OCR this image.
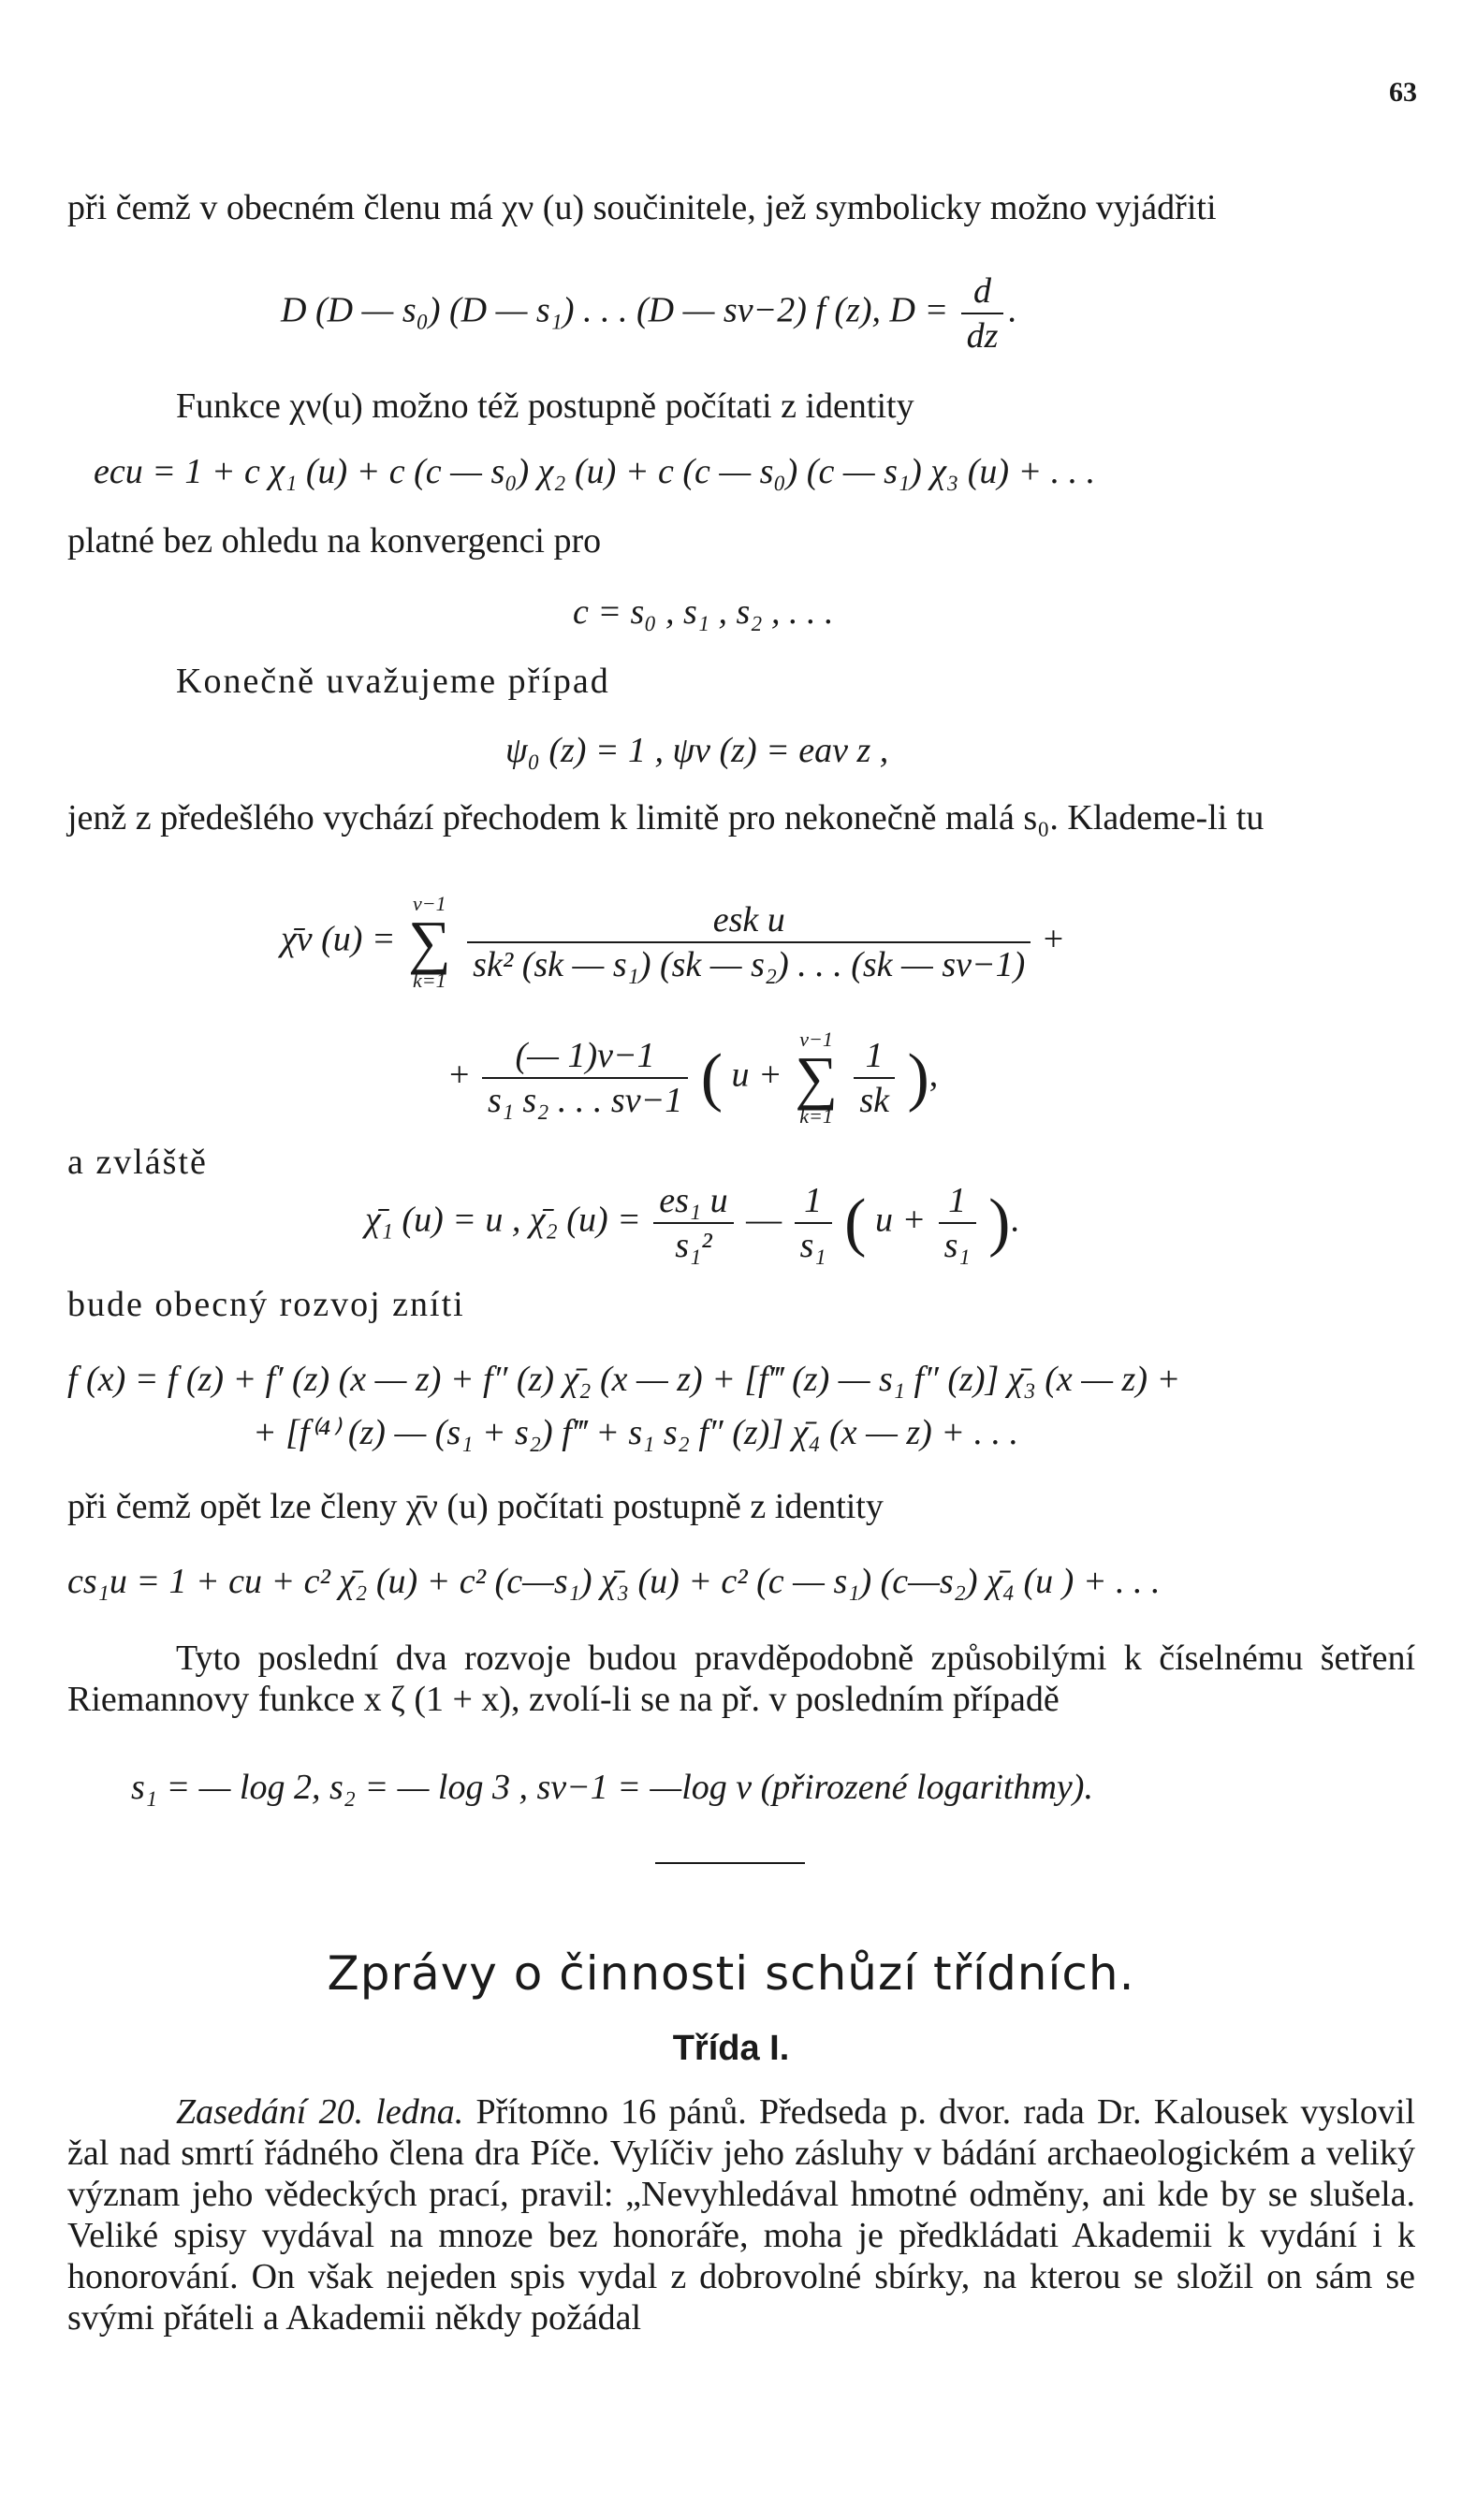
63
při čemž v obecném členu má χν (u) součinitele, jež symbolicky možno vyjádřiti
D (D — s₀) (D — s₁) . . . (D — sν−2) f (z), $D = \frac{d}{dz}$ .
Funkce χν(u) možno též postupně počítati z identity
ecu = 1 + c χ₁ (u) + c (c — s₀) χ₂ (u) + c (c — s₀) (c — s₁) χ₃ (u) + . . .
platné bez ohledu na konvergenci pro
c = s₀ , s₁ , s₂ , . . .
Konečně uvažujeme případ
ψ₀ (z) = 1 , ψν (z) = eaν z ,
jenž z předešlého vychází přechodem k limitě pro nekonečně malá s₀. Klademe-li tu
χ̄ν (u) =
ν−1
∑
k=1
$\frac{\text{esk u}}{\text{sk² (sk — s₁) (sk — s₂) . . . (sk — sν−1)}}$ +
+ $\frac{(— 1)\nu-1}{\text{s₁ s₂ . . . sν−1}}$ ( u +
ν−1
∑
k=1
$\frac{1}{sk}$ ),
a zvláště
χ̄₁ (u) = u , χ̄₂ $(u) = \frac{\text{es₁ u}}{\text{s₁²}}$ — $\frac{1}{\text{s₁}}$ ( $u + \frac{1}{\text{s₁}}$ ).
bude obecný rozvoj zníti
f (x) = f (z) + f′ (z) (x — z) + f″ (z) χ̄₂ (x — z) + [f‴ (z) — s₁ f″ (z)] χ̄₃ (x — z) +
+ [f⁽⁴⁾ (z) — (s₁ + s₂) f‴ + s₁ s₂ f″ (z)] χ̄₄ (x — z) + . . .
při čemž opět lze členy χ̄ν (u) počítati postupně z identity
cs₁u = 1 + cu + c² χ̄₂ (u) + c² (c—s₁) χ̄₃ (u) + c² (c — s₁) (c—s₂) χ̄₄ (u ) + . . .
Tyto poslední dva rozvoje budou pravděpodobně způsobilými k číselnému šetření Riemannovy funkce x ζ (1 + x), zvolí-li se na př. v posledním případě
s₁ = — log 2, s₂ = — log 3 , sν−1 = —log ν (přirozené logarithmy).
Zprávy o činnosti schůzí třídních.
Třída I.
Zasedání 20. ledna. Přítomno 16 pánů. Předseda p. dvor. rada Dr. Kalousek vyslovil žal nad smrtí řádného člena dra Píče. Vylíčiv jeho zásluhy v bádání archaeologickém a veliký význam jeho vědeckých prací, pravil: „Nevyhledával hmotné odměny, ani kde by se slušela. Veliké spisy vydával na mnoze bez honoráře, moha je předkládati Akademii k vydání i k honorování. On však nejeden spis vydal z dobrovolné sbírky, na kterou se složil on sám se svými přáteli a Akademii někdy požádal
